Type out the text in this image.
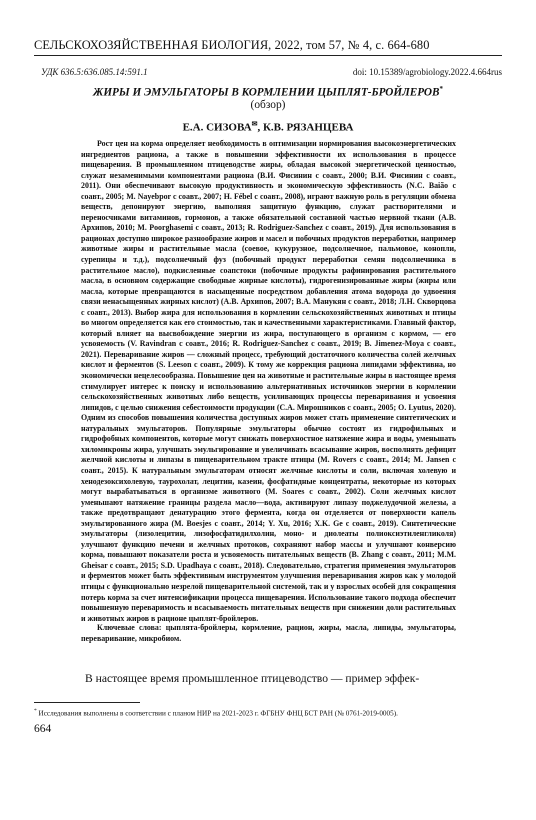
СЕЛЬСКОХОЗЯЙСТВЕННАЯ БИОЛОГИЯ, 2022, том 57, № 4, с. 664-680
УДК 636.5:636.085.14:591.1	doi: 10.15389/agrobiology.2022.4.664rus
ЖИРЫ И ЭМУЛЬГАТОРЫ В КОРМЛЕНИИ ЦЫПЛЯТ-БРОЙЛЕРОВ*
(обзор)
Е.А. СИЗОВА✉, К.В. РЯЗАНЦЕВА

Рост цен на корма определяет необходимость в оптимизации нормирования высокоэнергетических ингредиентов рациона, а также в повышении эффективности их использования в процессе пищеварения. В промышленном птицеводстве жиры, обладая высокой энергетической ценностью, служат незаменимыми компонентами рациона (В.И. Фисинин с соавт., 2000; В.И. Фисинин с соавт., 2011). Они обеспечивают высокую продуктивность и экономическую эффективность (N.C. Baião с соавт., 2005; M. Nayebpor с соавт., 2007; H. Fébel с соавт., 2008), играют важную роль в регуляции обмена веществ, депонируют энергию, выполняя защитную функцию, служат растворителями и переносчиками витаминов, гормонов, а также обязательной составной частью нервной ткани (А.В. Архипов, 2010; M. Poorghasemi с соавт., 2013; R. Rodriguez-Sanchez с соавт., 2019). Для использования в рационах доступно широкое разнообразие жиров и масел и побочных продуктов переработки, например животные жиры и растительные масла (соевое, кукурузное, подсолнечное, пальмовое, конопли, сурепицы и т.д.), подсолнечный фуз (побочный продукт переработки семян подсолнечника в растительное масло), подкисленные соапстоки (побочные продукты рафинирования растительного масла, в основном содержащие свободные жирные кислоты), гидрогенизированные жиры (жиры или масла, которые превращаются в насыщенные посредством добавления атома водорода до удвоения связи ненасыщенных жирных кислот) (А.В. Архипов, 2007; В.А. Манукян с соавт., 2018; Л.Н. Скворцова с соавт., 2013). Выбор жира для использования в кормлении сельскохозяйственных животных и птицы во многом определяется как его стоимостью, так и качественными характеристиками. Главный фактор, который влияет на высвобождение энергии из жира, поступающего в организм с кормом, — его усвояемость (V. Ravindran с соавт., 2016; R. Rodriguez-Sanchez с соавт., 2019; B. Jimenez-Moya с соавт., 2021). Переваривание жиров — сложный процесс, требующий достаточного количества солей желчных кислот и ферментов (S. Leeson с соавт., 2009). К тому же коррекция рациона липидами эффективна, но экономически нецелесообразна. Повышение цен на животные и растительные жиры в настоящее время стимулирует интерес к поиску и использованию альтернативных источников энергии в кормлении сельскохозяйственных животных либо веществ, усиливающих процессы переваривания и усвоения липидов, с целью снижения себестоимости продукции (С.А. Мирошников с соавт., 2005; O. Lyutus, 2020). Одним из способов повышения количества доступных жиров может стать применение синтетических и натуральных эмульгаторов. Популярные эмульгаторы обычно состоят из гидрофильных и гидрофобных компонентов, которые могут снижать поверхностное натяжение жира и воды, уменьшать хиломикроны жира, улучшать эмульгирование и увеличивать всасывание жиров, восполнять дефицит желчной кислоты и липазы в пищеварительном тракте птицы (M. Rovers с соавт., 2014; M. Jansen с соавт., 2015). К натуральным эмульгаторам относят желчные кислоты и соли, включая холевую и хенодезоксихолевую, таурохолат, лецитин, казеин, фосфатидные концентраты, некоторые из которых могут вырабатываться в организме животного (M. Soares с соавт., 2002). Соли желчных кислот уменьшают натяжение границы раздела масло—вода, активируют липазу поджелудочной железы, а также предотвращают денатурацию этого фермента, когда он отделяется от поверхности капель эмульгированного жира (M. Boesjes с соавт., 2014; Y. Xu, 2016; X.K. Ge с соавт., 2019). Синтетические эмульгаторы (лизолецитин, лизофосфатидилхолин, моно- и диолеаты полиоксиэтиленгликоля) улучшают функцию печени и желчных протоков, сохраняют набор массы и улучшают конверсию корма, повышают показатели роста и усвояемость питательных веществ (B. Zhang с соавт., 2011; M.M. Gheisar с соавт., 2015; S.D. Upadhaya с соавт., 2018). Следовательно, стратегия применения эмульгаторов и ферментов может быть эффективным инструментом улучшения переваривания жиров как у молодой птицы с функционально незрелой пищеварительной системой, так и у взрослых особей для сокращения потерь корма за счет интенсификации процесса пищеварения. Использование такого подхода обеспечит повышенную переваримость и всасываемость питательных веществ при снижении доли растительных и животных жиров в рационе цыплят-бройлеров.

Ключевые слова: цыплята-бройлеры, кормление, рацион, жиры, масла, липиды, эмульгаторы, переваривание, микробиом.

В настоящее время промышленное птицеводство — пример эффек-

* Исследования выполнены в соответствии с планом НИР на 2021-2023 г. ФГБНУ ФНЦ БСТ РАН (№ 0761-2019-0005).

664
